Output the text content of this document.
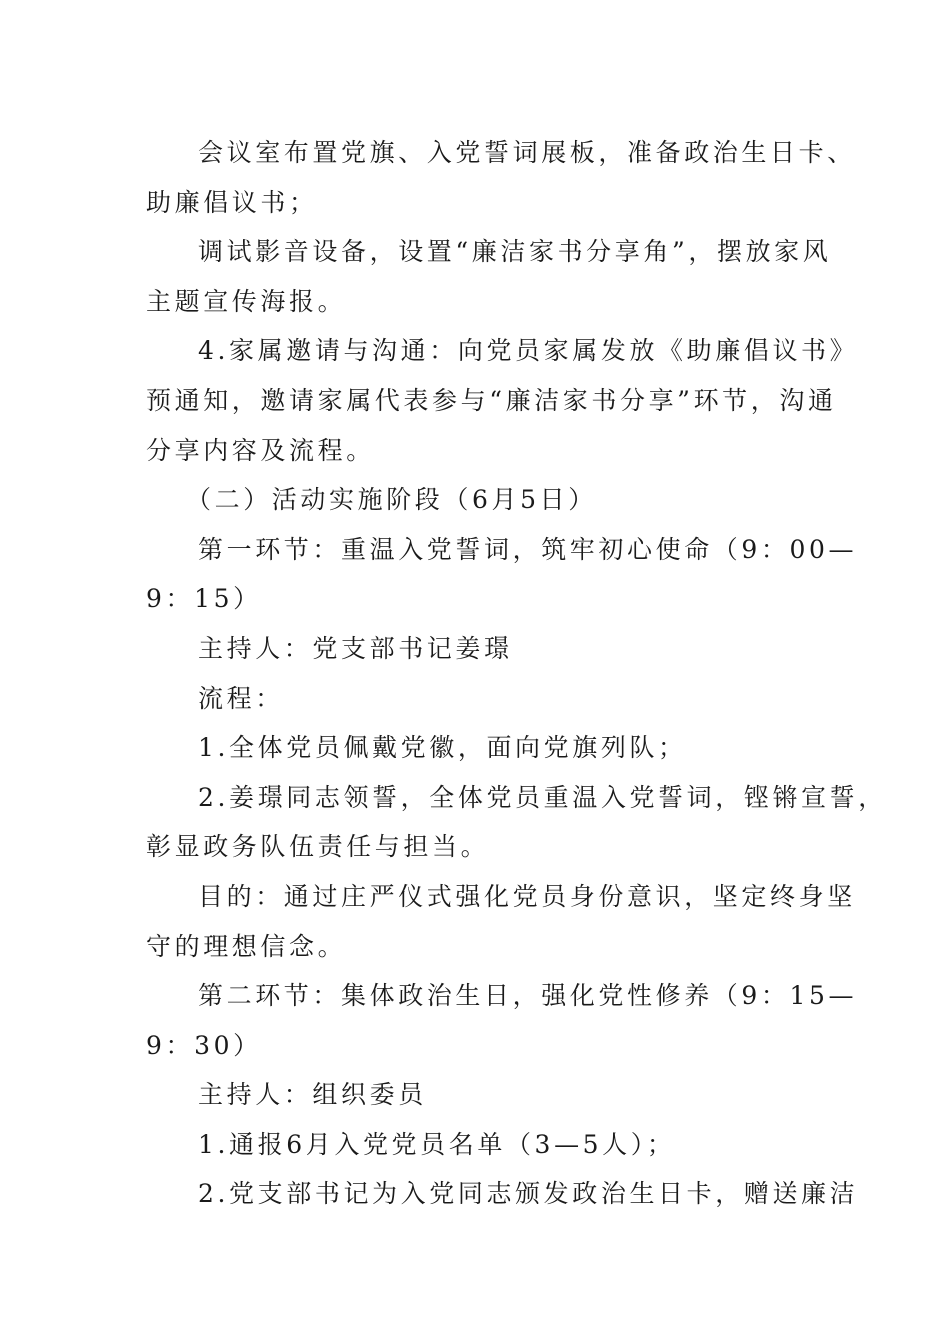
会议室布置党旗、入党誓词展板，准备政治生日卡、
助廉倡议书；
调试影音设备，设置“廉洁家书分享角”，摆放家风
主题宣传海报。
4.家属邀请与沟通：向党员家属发放《助廉倡议书》
预通知，邀请家属代表参与“廉洁家书分享”环节，沟通
分享内容及流程。
（二）活动实施阶段（6月5日）
第一环节：重温入党誓词，筑牢初心使命（9：00—
9：15）
主持人：党支部书记姜璟
流程：
1.全体党员佩戴党徽，面向党旗列队；
2.姜璟同志领誓，全体党员重温入党誓词，铿锵宣誓，
彰显政务队伍责任与担当。
目的：通过庄严仪式强化党员身份意识，坚定终身坚
守的理想信念。
第二环节：集体政治生日，强化党性修养（9：15—
9：30）
主持人：组织委员
1.通报6月入党党员名单（3—5人）；
2.党支部书记为入党同志颁发政治生日卡，赠送廉洁
